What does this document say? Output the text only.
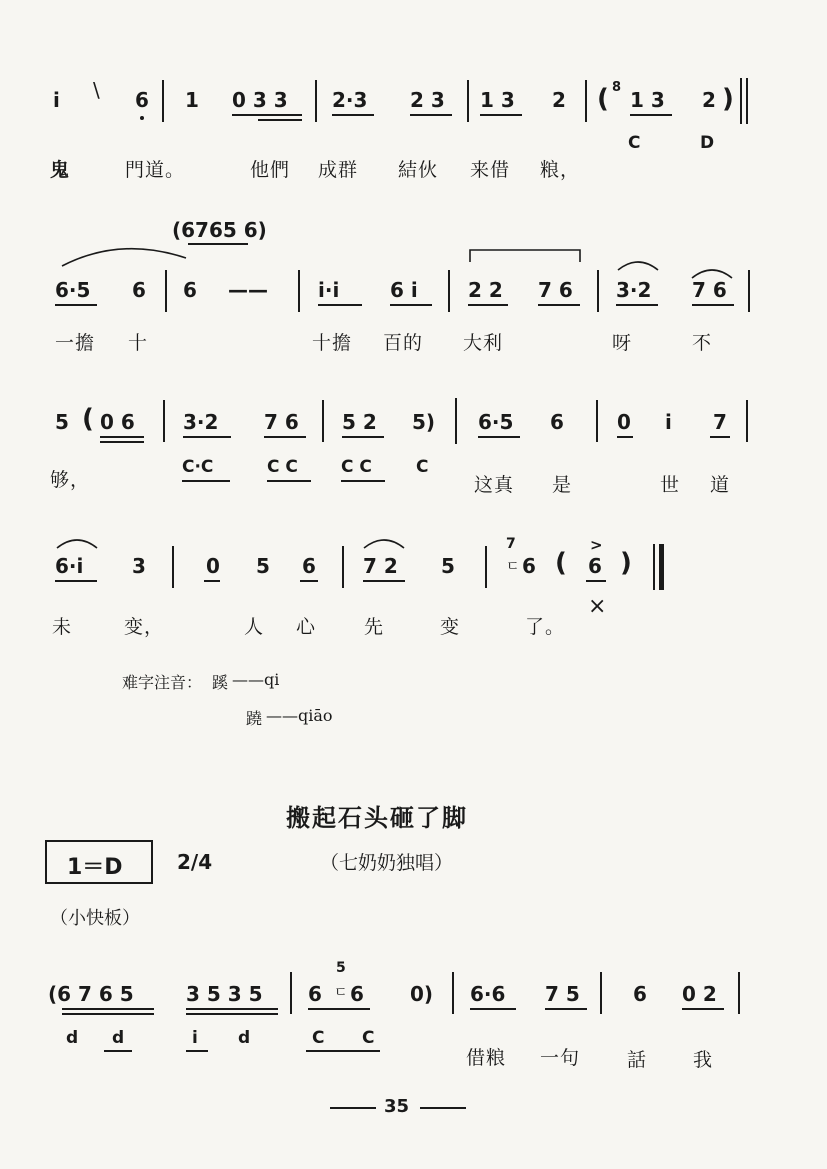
i \ 6 1 0 3 3 2·3 2 3 1 3 2 ( 8
1 3 2 )
C	D
鬼	門道。	他們 成群 結伙 来借 粮，
(6765 6)
6·5 6 6 ——	i·i	6 i	2 2 7 6 3·2 7 6
一擔 十	十擔 百的 大利	呀	不
5 ( 0 6 3·2 7 6 5 2 5) 6·5 6	0 i 7
C·C	C C	C C	C
够，	这真 是	世 道
6·i 3	0 5 6 7 2 5
7
ㄷ 6 (
>
6 )
×
未	变，	人 心	先	变	了。
难字注音： 蹊 ——qi
蹺 ——qiāo
搬起石头砸了脚
1＝D	2/4	（七奶奶独唱）
（小快板）
(6 7 6 5	3 5 3 5 6
5
ㄷ 6 0) 6·6 7 5	6 0 2
d d	i d	C C
借粮 一句 話 我
35
